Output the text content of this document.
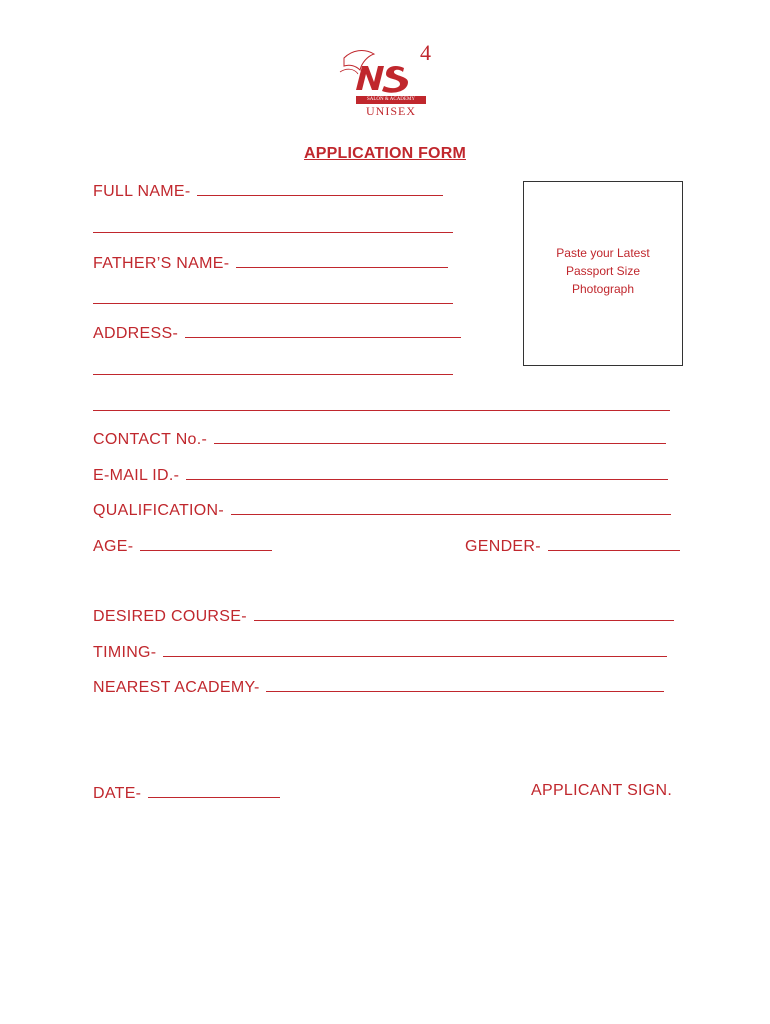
4
SALON & ACADEMY
UNISEX
APPLICATION FORM
Paste your Latest
Passport Size
Photograph
FULL NAME-
FATHER’S NAME-
ADDRESS-
CONTACT No.-
E-MAIL ID.-
QUALIFICATION-
AGE-	GENDER-
DESIRED COURSE-
TIMING-
NEAREST ACADEMY-
DATE-	APPLICANT SIGN.
